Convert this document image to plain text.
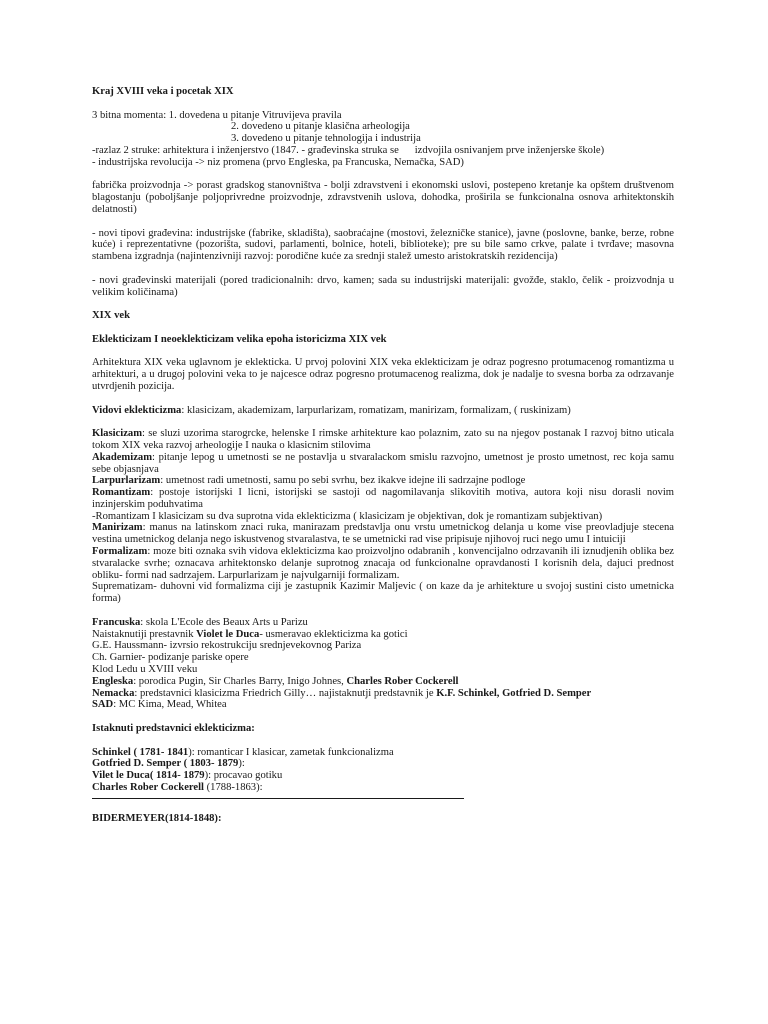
Kraj XVIII veka i pocetak XIX

3 bitna momenta: 1. dovedena u pitanje Vitruvijeva pravila

2. dovedeno u pitanje klasična arheologija

3. dovedeno u pitanje tehnologija i industrija

-razlaz 2 struke: arhitektura i inženjerstvo (1847. - građevinska struka se      izdvojila osnivanjem prve inženjerske škole)

- industrijska revolucija -> niz promena (prvo Engleska, pa Francuska, Nemačka, SAD)

fabrička proizvodnja -> porast gradskog stanovništva - bolji zdravstveni i ekonomski uslovi, postepeno kretanje ka opštem društvenom blagostanju (poboljšanje poljoprivredne proizvodnje, zdravstvenih uslova, dohodka, proširila se funkcionalna osnova arhitektonskih delatnosti)

- novi tipovi građevina: industrijske (fabrike, skladišta), saobraćajne (mostovi, železničke stanice), javne (poslovne, banke, berze, robne kuće) i reprezentativne (pozorišta, sudovi, parlamenti, bolnice, hoteli, biblioteke); pre su bile samo crkve, palate i tvrđave; masovna stambena izgradnja (najintenzivniji razvoj: porodične kuće za srednji stalež umesto aristokratskih rezidencija)

- novi građevinski materijali (pored tradicionalnih: drvo, kamen; sada su industrijski materijali: gvožđe, staklo, čelik - proizvodnja u velikim količinama)

XIX vek

Eklekticizam I neoeklekticizam velika epoha istoricizma XIX vek

Arhitektura XIX veka uglavnom je eklekticka. U prvoj polovini XIX veka eklekticizam je odraz pogresno protumacenog romantizma u arhitekturi, a u drugoj polovini veka to je najcesce odraz pogresno protumacenog realizma, dok je nadalje to svesna borba za odrzavanje utvrdjenih pozicija.

Vidovi eklekticizma: klasicizam, akademizam, larpurlarizam, romatizam, manirizam, formalizam, ( ruskinizam)

Klasicizam: se sluzi uzorima starogrcke, helenske I rimske arhitekture kao polaznim, zato su na njegov postanak I razvoj bitno uticala tokom XIX veka razvoj arheologije I nauka o klasicnim stilovima

Akademizam: pitanje lepog u umetnosti se ne postavlja u stvaralackom smislu razvojno, umetnost je prosto umetnost, rec koja samu sebe objasnjava

Larpurlarizam: umetnost radi umetnosti, samu po sebi svrhu, bez ikakve idejne ili sadrzajne podloge

Romantizam: postoje istorijski I licni, istorijski se sastoji od nagomilavanja slikovitih motiva, autora koji nisu dorasli novim inzinjerskim poduhvatima

-Romantizam I klasicizam su dva suprotna vida eklekticizma ( klasicizam je objektivan, dok je romantizam subjektivan)

Manirizam: manus na latinskom znaci ruka, manirazam predstavlja onu vrstu umetnickog delanja u kome vise preovladjuje stecena vestina umetnickog delanja nego iskustvenog stvaralastva, te se umetnicki rad vise pripisuje njihovoj ruci nego umu I intuiciji

Formalizam: moze biti oznaka svih vidova eklekticizma kao proizvoljno odabranih , konvencijalno odrzavanih ili iznudjenih oblika bez stvaralacke svrhe; oznacava arhitektonsko delanje suprotnog znacaja od funkcionalne opravdanosti I korisnih dela, dajuci prednost obliku- formi nad sadrzajem. Larpurlarizam je najvulgarniji formalizam.

Suprematizam- duhovni vid formalizma ciji je zastupnik Kazimir Maljevic ( on kaze da je arhitekture u svojoj sustini cisto umetnicka forma)

Francuska: skola L'Ecole des Beaux Arts u Parizu

Naistaknutiji prestavnik Violet le Duca- usmeravao eklekticizma ka gotici

G.E. Haussmann- izvrsio rekostrukciju srednjevekovnog Pariza

Ch. Garnier- podizanje pariske opere

Klod Ledu u XVIII veku

Engleska: porodica Pugin, Sir Charles Barry, Inigo Johnes, Charles Rober Cockerell

Nemacka: predstavnici klasicizma Friedrich Gilly… najistaknutji predstavnik je K.F. Schinkel, Gotfried D. Semper

SAD: MC Kima, Mead, Whitea

Istaknuti predstavnici eklekticizma:

Schinkel ( 1781- 1841): romanticar I klasicar, zametak funkcionalizma

Gotfried D. Semper ( 1803- 1879):

Vilet le Duca( 1814- 1879): procavao gotiku

Charles Rober Cockerell (1788-1863):

BIDERMEYER(1814-1848):
